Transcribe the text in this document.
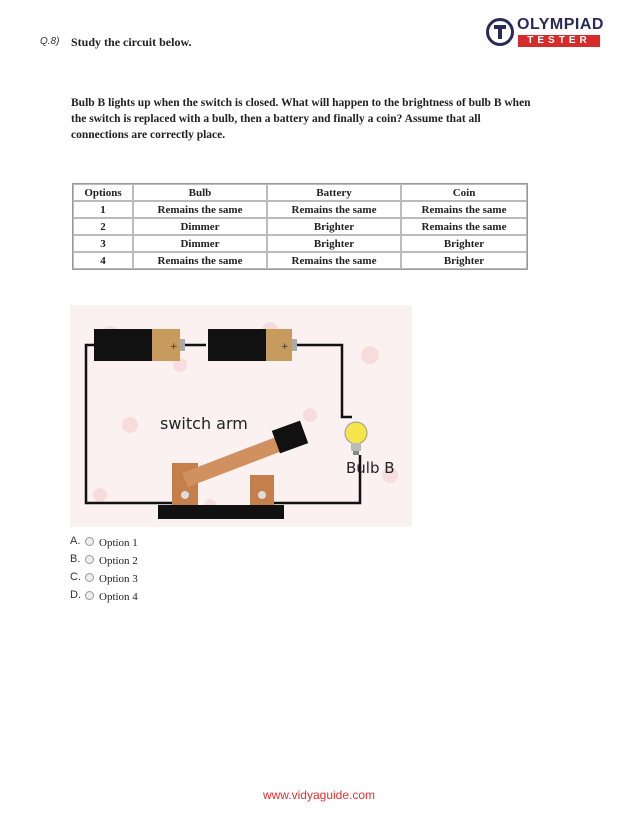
Q.8) Study the circuit below.
OLYMPIAD
TESTER
Bulb B lights up when the switch is closed. What will happen to the brightness of bulb B when the switch is replaced with a bulb, then a battery and finally a coin? Assume that all connections are correctly place.
Options	Bulb	Battery	Coin
1	Remains the same	Remains the same	Remains the same
2	Dimmer	Brighter	Remains the same
3	Dimmer	Brighter	Brighter
4	Remains the same	Remains the same	Brighter
+	+
Bulb B
switch arm
A. Option 1
B. Option 2
C. Option 3
D. Option 4
www.vidyaguide.com
